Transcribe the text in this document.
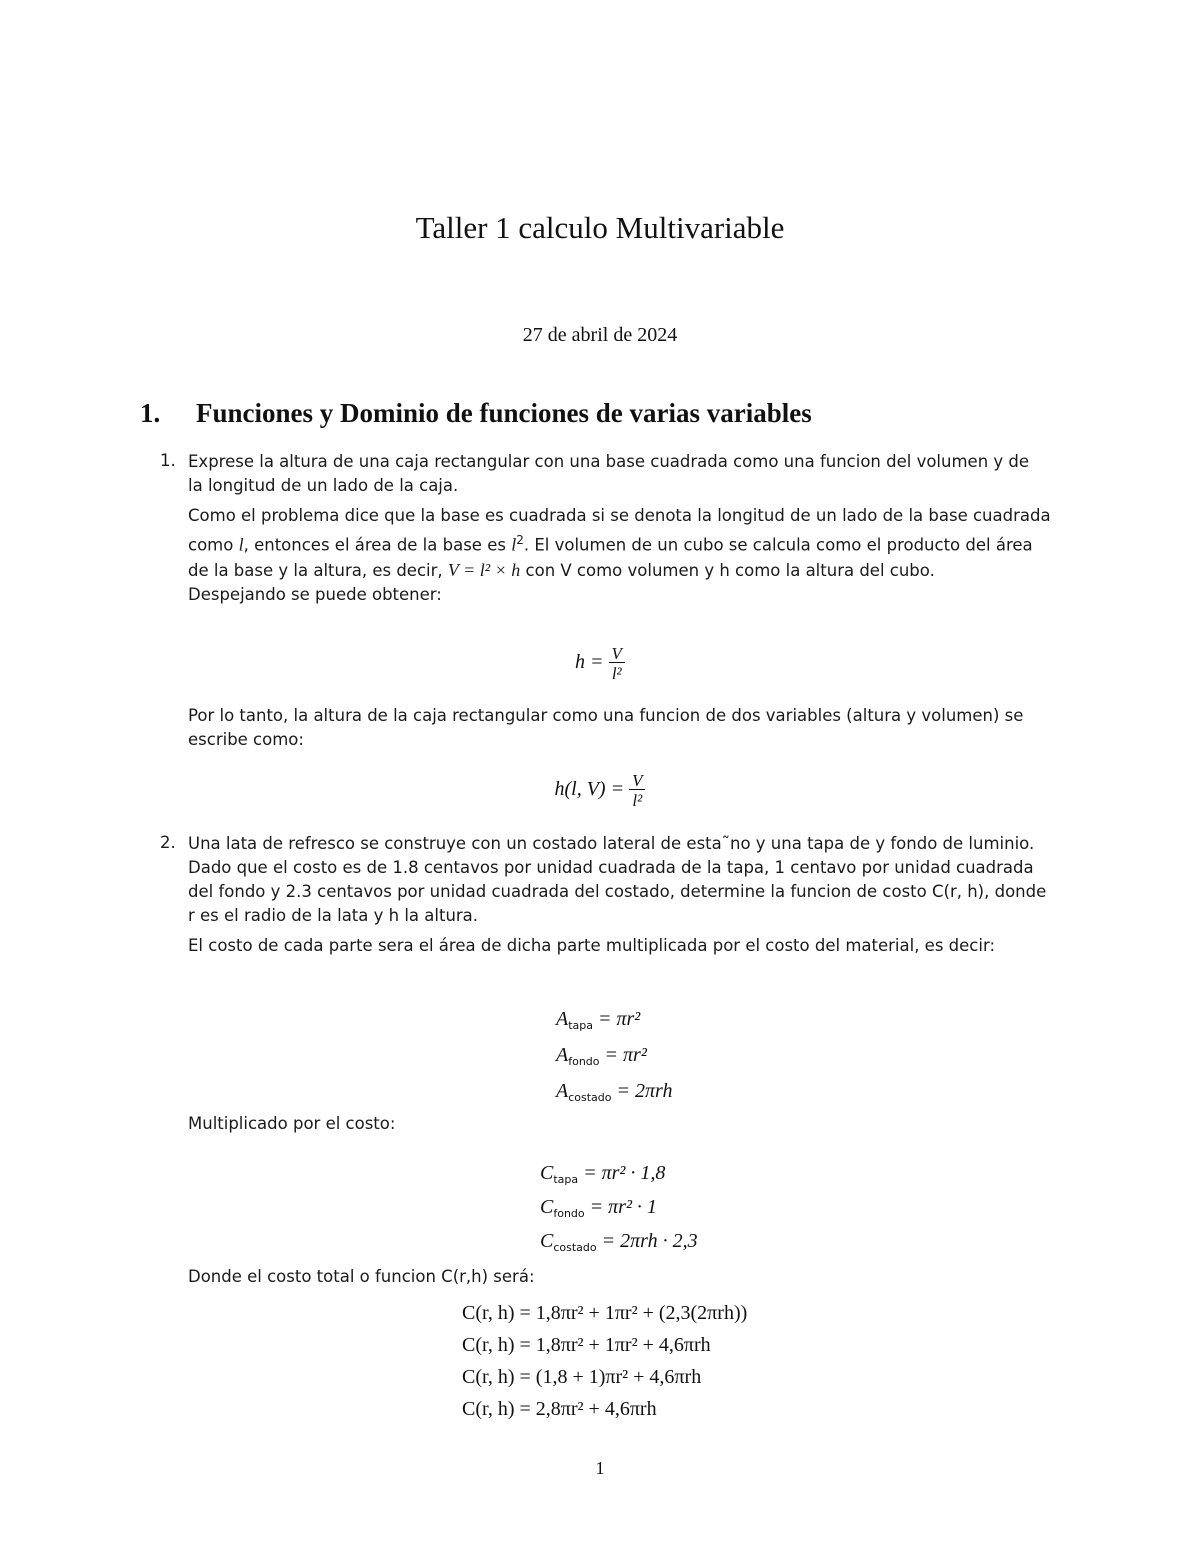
Taller 1 calculo Multivariable
27 de abril de 2024
1. Funciones y Dominio de funciones de varias variables
1. Exprese la altura de una caja rectangular con una base cuadrada como una funcion del volumen y de
la longitud de un lado de la caja.
Como el problema dice que la base es cuadrada si se denota la longitud de un lado de la base cuadrada
como l, entonces el área de la base es $l^2$. El volumen de un cubo se calcula como el producto del área
de la base y la altura, es decir, V = l² × h con V como volumen y h como la altura del cubo.
Despejando se puede obtener:
$h = \frac{V}{\text{l²}}$
Por lo tanto, la altura de la caja rectangular como una funcion de dos variables (altura y volumen) se
escribe como:
h(l, $V) = \frac{V}{\text{l²}}$
2. Una lata de refresco se construye con un costado lateral de esta˜no y una tapa de y fondo de luminio.
Dado que el costo es de 1.8 centavos por unidad cuadrada de la tapa, 1 centavo por unidad cuadrada
del fondo y 2.3 centavos por unidad cuadrada del costado, determine la funcion de costo C(r, h), donde
r es el radio de la lata y h la altura.
El costo de cada parte sera el área de dicha parte multiplicada por el costo del material, es decir:
$A_{tapa} = \pi r^2$
$A_{fondo} = \pi r^2$
$A_{costado} = 2\pi rh$
Multiplicado por el costo:
$C_{tapa} = \pi r^2 \cdot 1,8$
$C_{fondo} = \pi r^2 \cdot 1$
$C_{costado} = 2\pi rh \cdot 2,3$
Donde el costo total o funcion C(r,h) será:
C(r, h) = 1,8πr² + 1πr² + (2,3(2πrh))
C(r, h) = 1,8πr² + 1πr² + 4,6πrh
C(r, h) = (1,8 + 1)πr² + 4,6πrh
C(r, h) = 2,8πr² + 4,6πrh
1
